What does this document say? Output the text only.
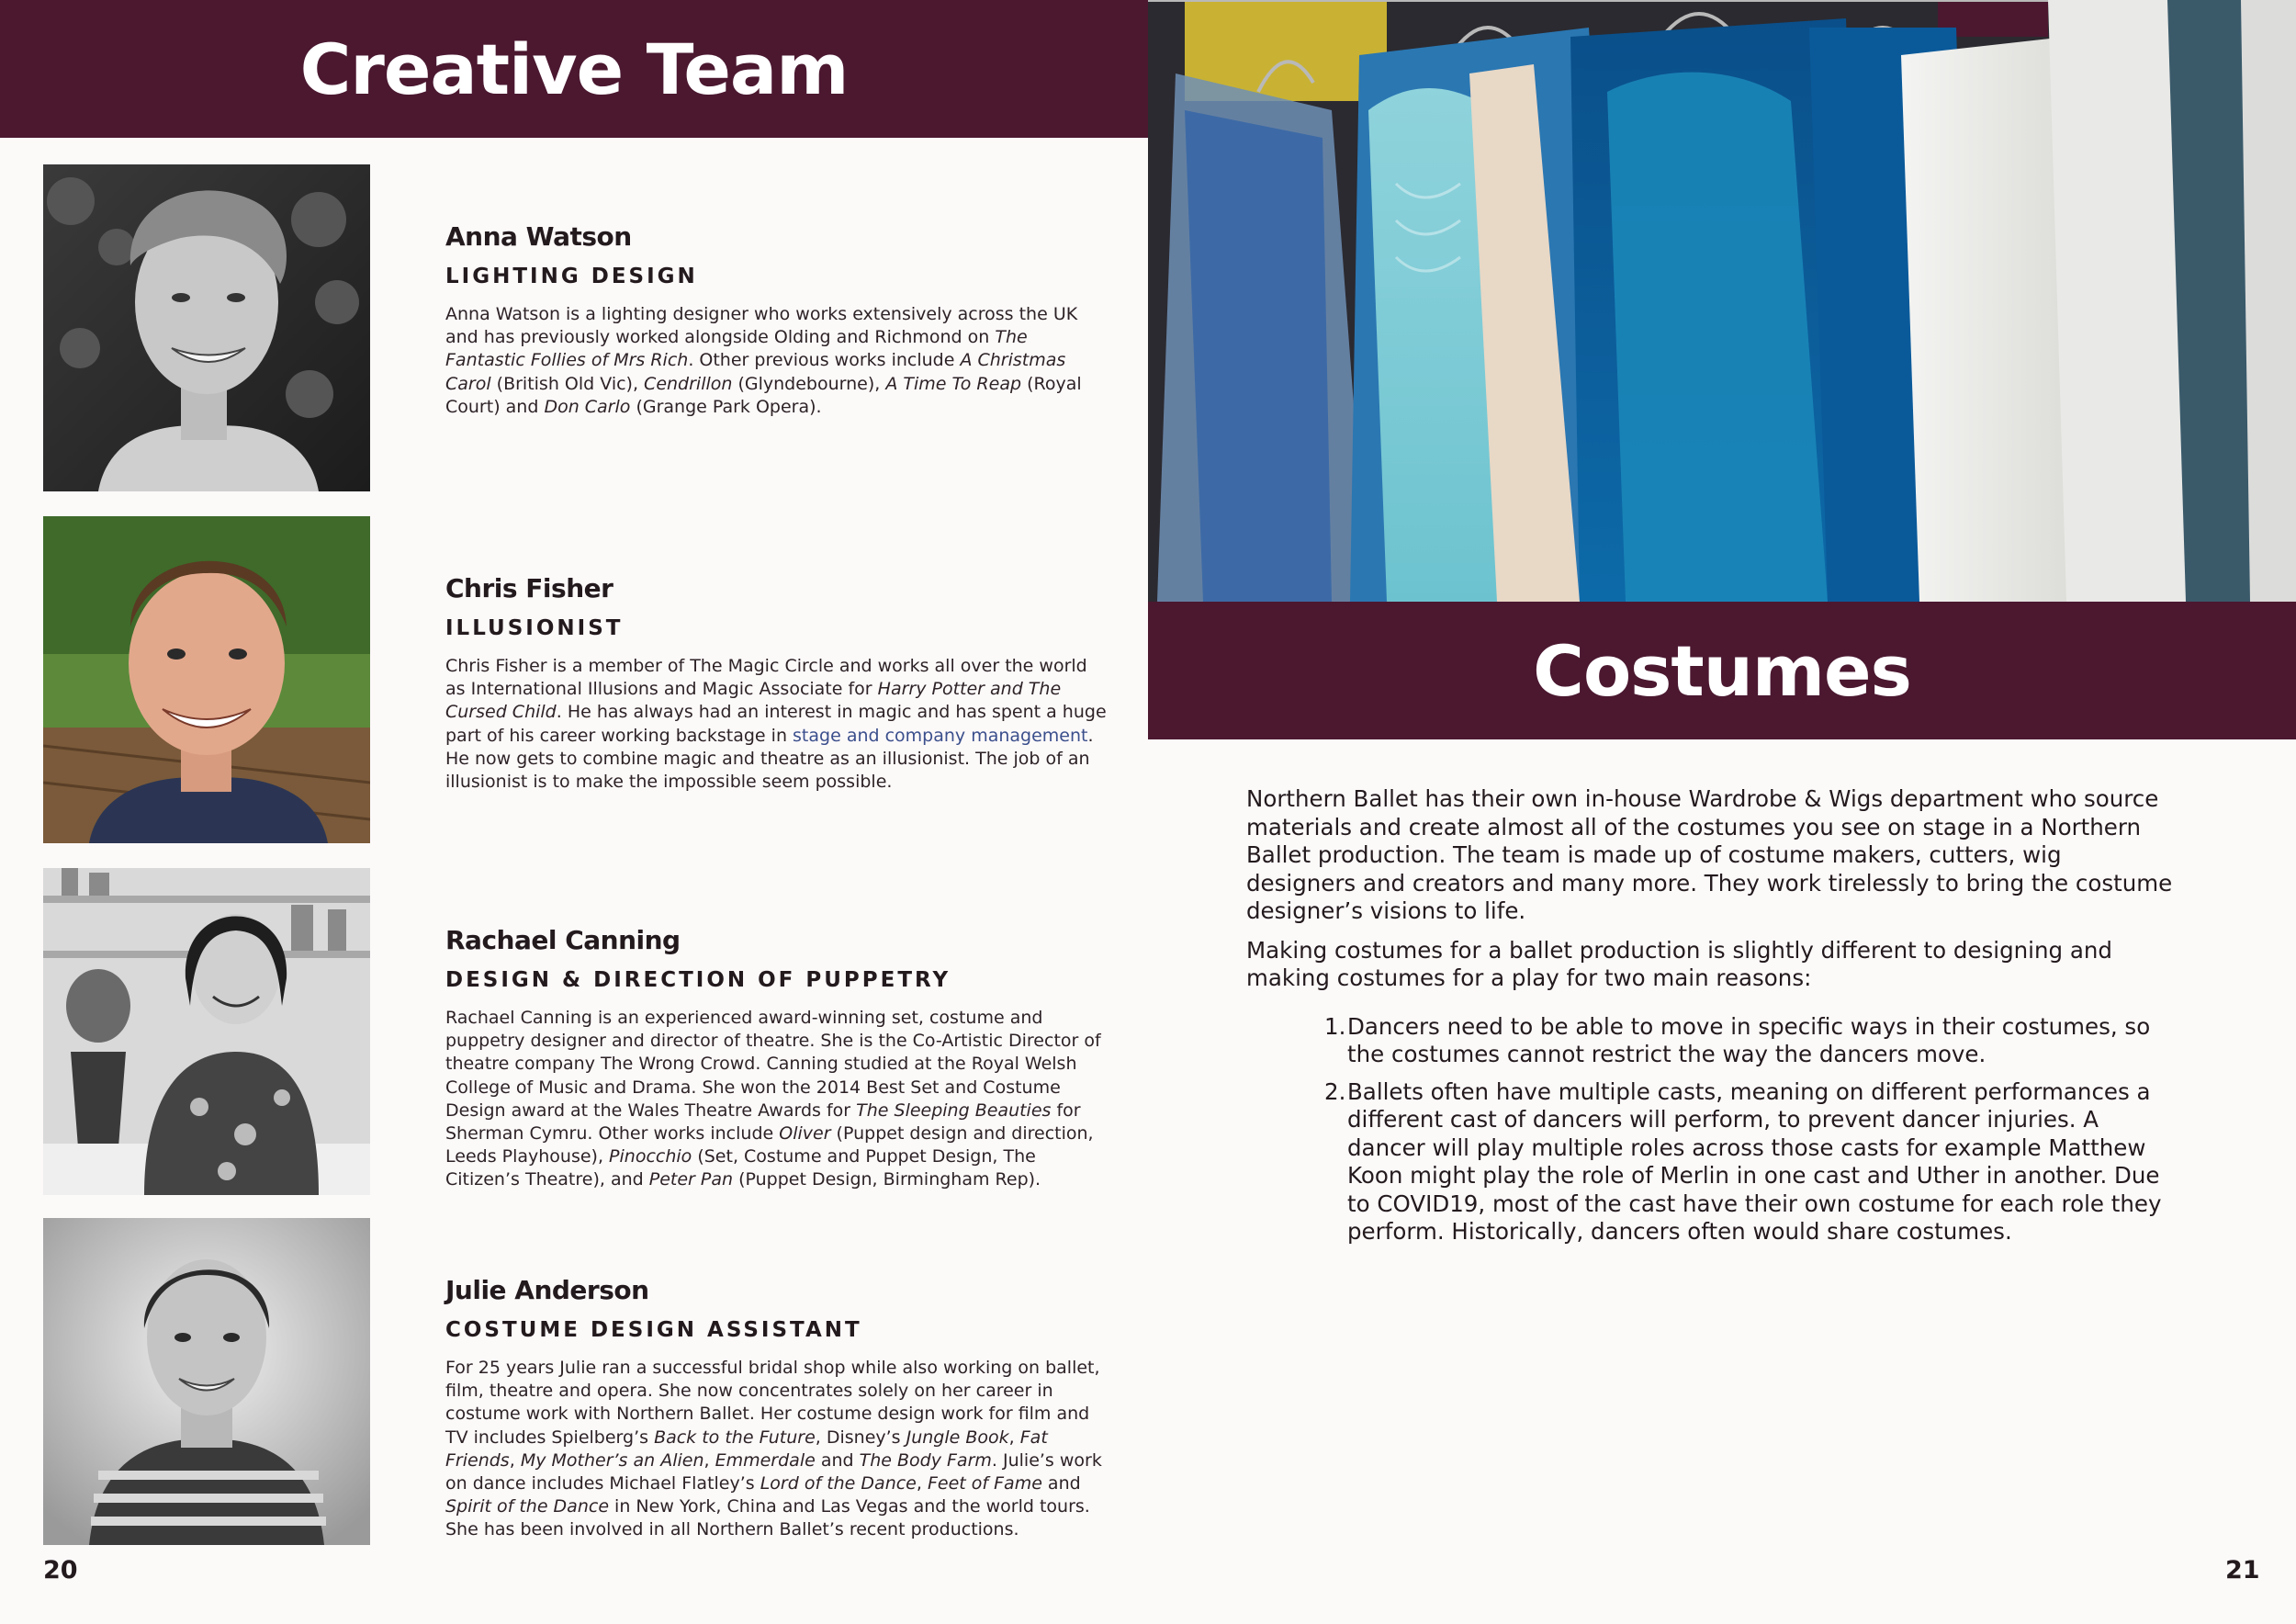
Creative Team
Anna Watson
LIGHTING DESIGN
Anna Watson is a lighting designer who works extensively across the UK and has previously worked alongside Olding and Richmond on The Fantastic Follies of Mrs Rich. Other previous works include A Christmas Carol (British Old Vic), Cendrillon (Glyndebourne), A Time To Reap (Royal Court) and Don Carlo (Grange Park Opera).
Chris Fisher
ILLUSIONIST
Chris Fisher is a member of The Magic Circle and works all over the world as International Illusions and Magic Associate for Harry Potter and The Cursed Child. He has always had an interest in magic and has spent a huge part of his career working backstage in stage and company management. He now gets to combine magic and theatre as an illusionist. The job of an illusionist is to make the impossible seem possible.
Rachael Canning
DESIGN & DIRECTION OF PUPPETRY
Rachael Canning is an experienced award-winning set, costume and puppetry designer and director of theatre. She is the Co-Artistic Director of theatre company The Wrong Crowd. Canning studied at the Royal Welsh College of Music and Drama. She won the 2014 Best Set and Costume Design award at the Wales Theatre Awards for The Sleeping Beauties for Sherman Cymru. Other works include Oliver (Puppet design and direction, Leeds Playhouse), Pinocchio (Set, Costume and Puppet Design, The Citizen’s Theatre), and Peter Pan (Puppet Design, Birmingham Rep).
Julie Anderson
COSTUME DESIGN ASSISTANT
For 25 years Julie ran a successful bridal shop while also working on ballet, film, theatre and opera. She now concentrates solely on her career in costume work with Northern Ballet. Her costume design work for film and TV includes Spielberg’s Back to the Future, Disney’s Jungle Book, Fat Friends, My Mother’s an Alien, Emmerdale and The Body Farm. Julie’s work on dance includes Michael Flatley’s Lord of the Dance, Feet of Fame and Spirit of the Dance in New York, China and Las Vegas and the world tours. She has been involved in all Northern Ballet’s recent productions.
20
Costumes

Northern Ballet has their own in-house Wardrobe & Wigs department who source materials and create almost all of the costumes you see on stage in a Northern Ballet production. The team is made up of costume makers, cutters, wig designers and creators and many more. They work tirelessly to bring the costume designer’s visions to life.

Making costumes for a ballet production is slightly different to designing and making costumes for a play for two main reasons:

1. Dancers need to be able to move in specific ways in their costumes, so the costumes cannot restrict the way the dancers move.
2. Ballets often have multiple casts, meaning on different performances a different cast of dancers will perform, to prevent dancer injuries. A dancer will play multiple roles across those casts for example Matthew Koon might play the role of Merlin in one cast and Uther in another. Due to COVID19, most of the cast have their own costume for each role they perform. Historically, dancers often would share costumes.
21
